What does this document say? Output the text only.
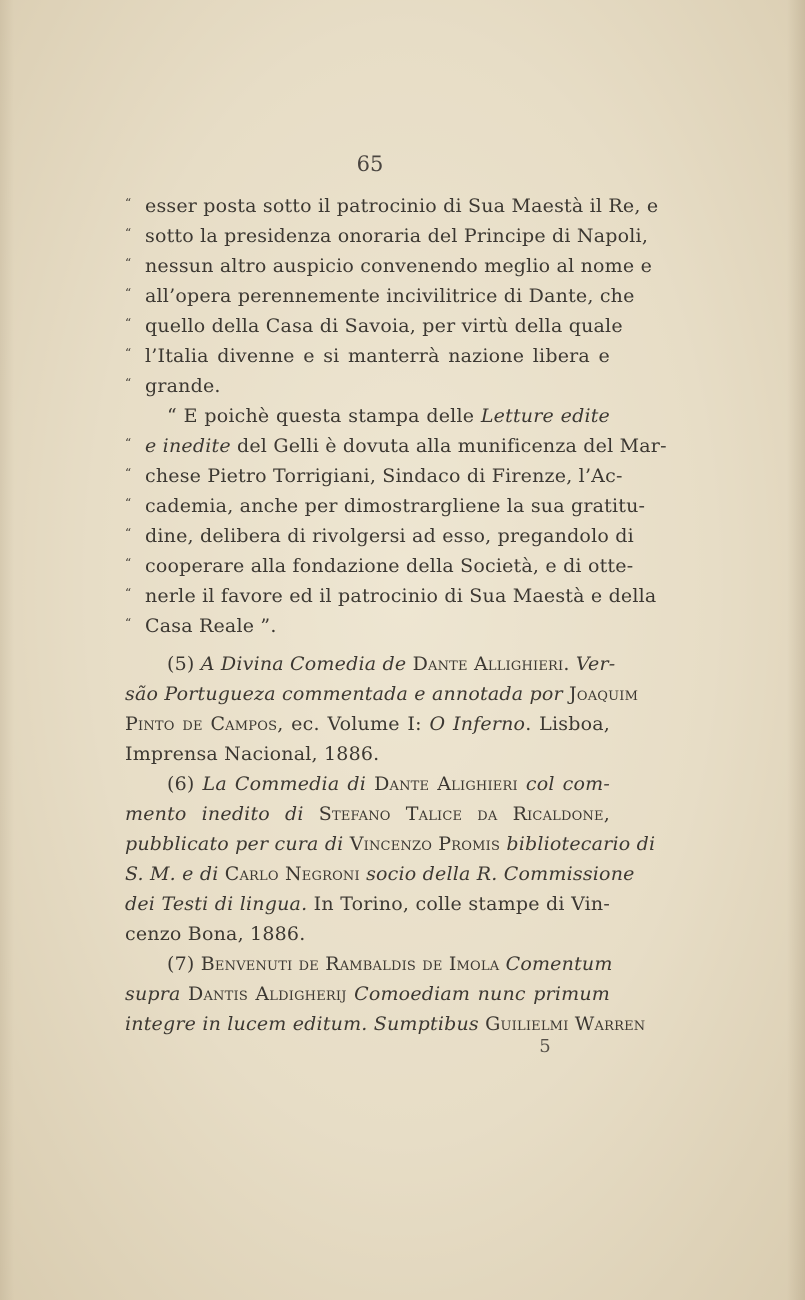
65
“ esser posta sotto il patrocinio di Sua Maestà il Re, e
“ sotto la presidenza onoraria del Principe di Napoli,
“ nessun altro auspicio convenendo meglio al nome e
“ all’opera perennemente incivilitrice di Dante, che
“ quello della Casa di Savoia, per virtù della quale
“ l’Italia divenne e si manterrà nazione libera e
“ grande.
“ E poichè questa stampa delle Letture edite
“ e inedite del Gelli è dovuta alla munificenza del Mar-
“ chese Pietro Torrigiani, Sindaco di Firenze, l’Ac-
“ cademia, anche per dimostrargliene la sua gratitu-
“ dine, delibera di rivolgersi ad esso, pregandolo di
“ cooperare alla fondazione della Società, e di otte-
“ nerle il favore ed il patrocinio di Sua Maestà e della
“ Casa Reale ”.
(5) A Divina Comedia de Dante Allighieri. Ver-
são Portugueza commentada e annotada por Joaquim
Pinto de Campos, ec. Volume I: O Inferno. Lisboa,
Imprensa Nacional, 1886.
(6) La Commedia di Dante Alighieri col com-
mento inedito di Stefano Talice da Ricaldone,
pubblicato per cura di Vincenzo Promis bibliotecario di
S. M. e di Carlo Negroni socio della R. Commissione
dei Testi di lingua. In Torino, colle stampe di Vin-
cenzo Bona, 1886.
(7) Benvenuti de Rambaldis de Imola Comentum
supra Dantis Aldigherij Comoediam nunc primum
integre in lucem editum. Sumptibus Guilielmi Warren
5
